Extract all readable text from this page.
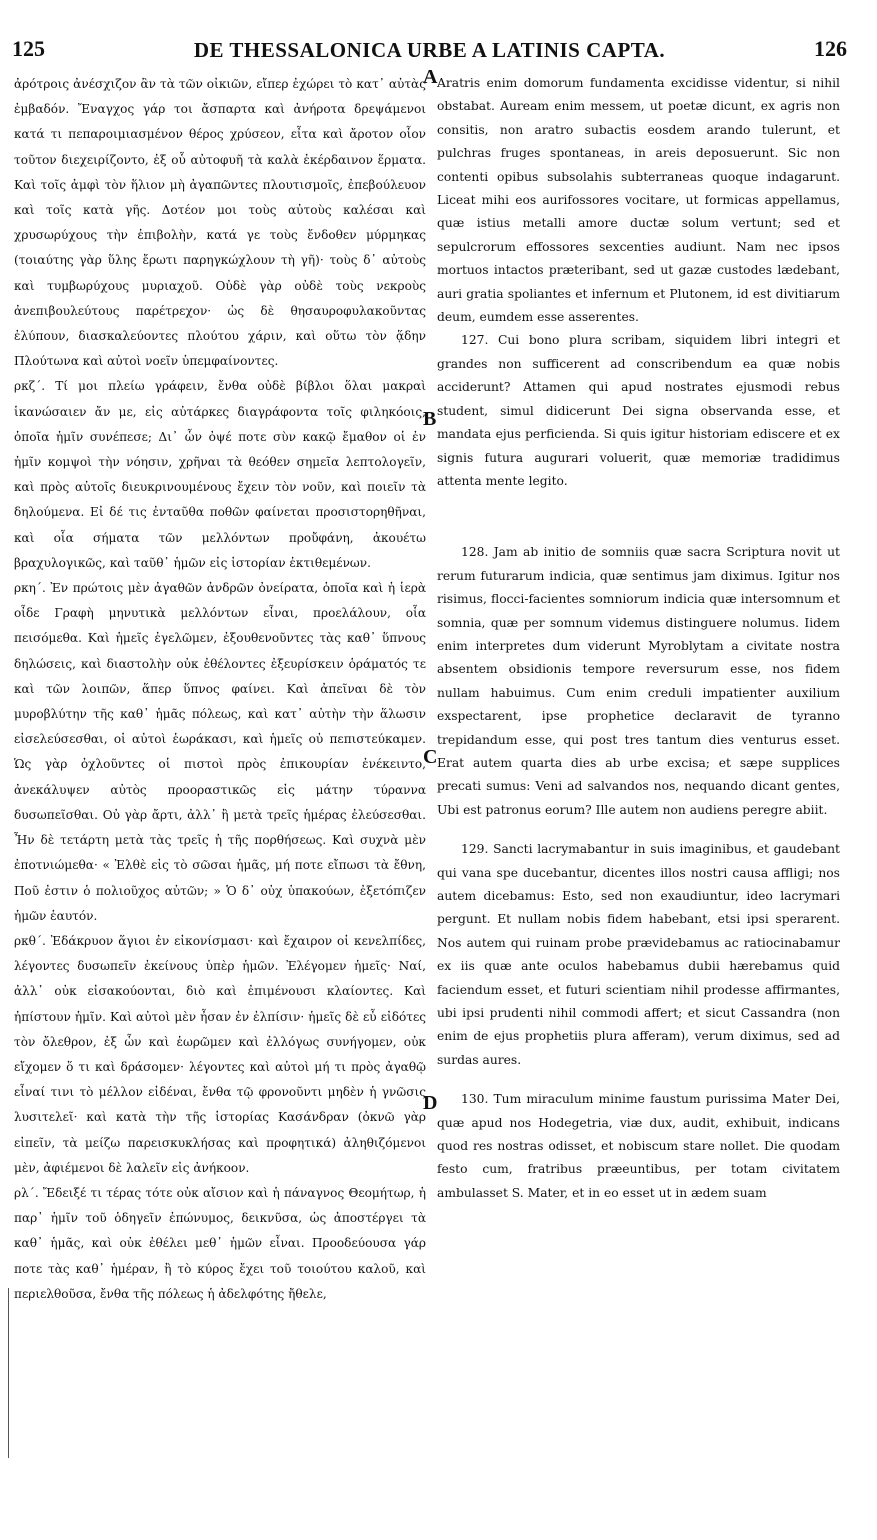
125	DE THESSALONICA URBE A LATINIS CAPTA.	126

ἀρότροις ἀνέσχιζον ἂν τὰ τῶν οἰκιῶν, εἴπερ ἐχώρει τὸ κατ᾽ αὐτὰς ἐμβαδόν. Ἔναγχος γάρ τοι ἄσπαρτα καὶ ἀνήροτα δρεψάμενοι κατά τι πεπαροιμιασμένον θέρος χρύσεον, εἶτα καὶ ἄροτον οἷον τοῦτον διεχειρίζοντο, ἐξ οὗ αὐτοφυῆ τὰ καλὰ ἐκέρδαινον ἕρματα. Καὶ τοῖς ἀμφὶ τὸν ἥλιον μὴ ἀγαπῶντες πλουτισμοῖς, ἐπεβούλευον καὶ τοῖς κατὰ γῆς. Δοτέον μοι τοὺς αὐτοὺς καλέσαι καὶ χρυσωρύχους τὴν ἐπιβολὴν, κατά γε τοὺς ἔνδοθεν μύρμηκας (τοιαύτης γὰρ ὕλης ἔρωτι παρηγκώχλουν τὴ γῆ)· τοὺς δ᾽ αὐτοὺς καὶ τυμβωρύχους μυριαχοῦ. Οὐδὲ γὰρ οὐδὲ τοὺς νεκροὺς ἀνεπιβουλεύτους παρέτρεχον· ὡς δὲ θησαυροφυλακοῦντας ἐλύπουν, διασκαλεύοντες πλούτου χάριν, καὶ οὕτω τὸν ᾅδην Πλούτωνα καὶ αὐτοὶ νοεῖν ὑπεμφαίνοντες.

ρκζ΄. Τί μοι πλείω γράφειν, ἔνθα οὐδὲ βίβλοι ὅλαι μακραὶ ἱκανώσαιεν ἄν με, εἰς αὐτάρκες διαγράφοντα τοῖς φιληκόοις, ὁποῖα ἡμῖν συνέπεσε; Δι᾽ ὧν ὀψέ ποτε σὺν κακῷ ἔμαθον οἱ ἐν ἡμῖν κομψοὶ τὴν νόησιν, χρῆναι τὰ θεόθεν σημεῖα λεπτολογεῖν, καὶ πρὸς αὐτοῖς διευκρινουμένους ἔχειν τὸν νοῦν, καὶ ποιεῖν τὰ δηλούμενα. Εἰ δέ τις ἐνταῦθα ποθῶν φαίνεται προσιστορηθῆναι, καὶ οἷα σήματα τῶν μελλόντων προὔφάνη, ἀκουέτω βραχυλογικῶς, καὶ ταῦθ᾽ ἡμῶν εἰς ἱστορίαν ἐκτιθεμένων.

ρκη΄. Ἐν πρώτοις μὲν ἀγαθῶν ἀνδρῶν ὀνείρατα, ὁποῖα καὶ ἡ ἱερὰ οἶδε Γραφὴ μηνυτικὰ μελλόντων εἶναι, προελάλουν, οἷα πεισόμεθα. Καὶ ἡμεῖς ἐγελῶμεν, ἐξουθενοῦντες τὰς καθ᾽ ὕπνους δηλώσεις, καὶ διαστολὴν οὐκ ἐθέλοντες ἐξευρίσκειν ὁράματός τε καὶ τῶν λοιπῶν, ἅπερ ὕπνος φαίνει. Καὶ ἀπεῖναι δὲ τὸν μυροβλύτην τῆς καθ᾽ ἡμᾶς πόλεως, καὶ κατ᾽ αὐτὴν τὴν ἅλωσιν εἰσελεύσεσθαι, οἱ αὐτοὶ ἑωράκασι, καὶ ἡμεῖς οὐ πεπιστεύκαμεν. Ὡς γὰρ ὀχλοῦντες οἱ πιστοὶ πρὸς ἐπικουρίαν ἐνέκειντο, ἀνεκάλυψεν αὐτὸς προοραστικῶς εἰς μάτην τύραννα δυσωπεῖσθαι. Οὐ γὰρ ἄρτι, ἀλλ᾽ ἢ μετὰ τρεῖς ἡμέρας ἐλεύσεσθαι. Ἦν δὲ τετάρτη μετὰ τὰς τρεῖς ἡ τῆς πορθήσεως. Καὶ συχνὰ μὲν ἐποτνιώμεθα· « Ἐλθὲ εἰς τὸ σῶσαι ἡμᾶς, μή ποτε εἴπωσι τὰ ἔθνη, Ποῦ ἐστιν ὁ πολιοῦχος αὐτῶν; » Ὁ δ᾽ οὐχ ὑπακούων, ἐξετόπιζεν ἡμῶν ἑαυτόν.

ρκθ΄. Ἐδάκρυον ἅγιοι ἐν εἰκονίσμασι· καὶ ἔχαιρον οἱ κενελπίδες, λέγοντες δυσωπεῖν ἐκείνους ὑπὲρ ἡμῶν. Ἐλέγομεν ἡμεῖς· Ναί, ἀλλ᾽ οὐκ εἰσακούονται, διὸ καὶ ἐπιμένουσι κλαίοντες. Καὶ ἠπίστουν ἡμῖν. Καὶ αὐτοὶ μὲν ἦσαν ἐν ἐλπίσιν· ἡμεῖς δὲ εὖ εἰδότες τὸν ὄλεθρον, ἐξ ὧν καὶ ἑωρῶμεν καὶ ἐλλόγως συνήγομεν, οὐκ εἴχομεν ὅ τι καὶ δράσομεν· λέγοντες καὶ αὐτοὶ μή τι πρὸς ἀγαθῷ εἶναί τινι τὸ μέλλον εἰδέναι, ἔνθα τῷ φρονοῦντι μηδὲν ἡ γνῶσις λυσιτελεῖ· καὶ κατὰ τὴν τῆς ἱστορίας Κασάνδραν (ὀκνῶ γὰρ εἰπεῖν, τὰ μείζω παρεισκυκλήσας καὶ προφητικά) ἀληθιζόμενοι μὲν, ἀφιέμενοι δὲ λαλεῖν εἰς ἀνήκοον.

ρλ΄. Ἔδειξέ τι τέρας τότε οὐκ αἴσιον καὶ ἡ πάναγνος Θεομήτωρ, ἡ παρ᾽ ἡμῖν τοῦ ὁδηγεῖν ἐπώνυμος, δεικνῦσα, ὡς ἀποστέργει τὰ καθ᾽ ἡμᾶς, καὶ οὐκ ἐθέλει μεθ᾽ ἡμῶν εἶναι. Προοδεύουσα γάρ ποτε τὰς καθ᾽ ἡμέραν, ἢ τὸ κύρος ἔχει τοῦ τοιούτου καλοῦ, καὶ περιελθοῦσα, ἔνθα τῆς πόλεως ἡ ἀδελφότης ἤθελε,

A
B
C
D

Aratris enim domorum fundamenta excidisse videntur, si nihil obstabat. Auream enim messem, ut poetæ dicunt, ex agris non consitis, non aratro subactis eosdem arando tulerunt, et pulchras fruges spontaneas, in areis deposuerunt. Sic non contenti opibus subsolahis subterraneas quoque indagarunt. Liceat mihi eos aurifossores vocitare, ut formicas appellamus, quæ istius metalli amore ductæ solum vertunt; sed et sepulcrorum effossores sexcenties audiunt. Nam nec ipsos mortuos intactos præteribant, sed ut gazæ custodes lædebant, auri gratia spoliantes et infernum et Plutonem, id est divitiarum deum, eumdem esse asserentes.

127. Cui bono plura scribam, siquidem libri integri et grandes non sufficerent ad conscribendum ea quæ nobis acciderunt? Attamen qui apud nostrates ejusmodi rebus student, simul didicerunt Dei signa observanda esse, et mandata ejus perficienda. Si quis igitur historiam ediscere et ex signis futura augurari voluerit, quæ memoriæ tradidimus attenta mente legito.

128. Jam ab initio de somniis quæ sacra Scriptura novit ut rerum futurarum indicia, quæ sentimus jam diximus. Igitur nos risimus, flocci-facientes somniorum indicia quæ intersomnum et somnia, quæ per somnum videmus distinguere nolumus. Iidem enim interpretes dum viderunt Myroblytam a civitate nostra absentem obsidionis tempore reversurum esse, nos fidem nullam habuimus. Cum enim creduli impatienter auxilium exspectarent, ipse prophetice declaravit de tyranno trepidandum esse, qui post tres tantum dies venturus esset. Erat autem quarta dies ab urbe excisa; et sæpe supplices precati sumus: Veni ad salvandos nos, nequando dicant gentes, Ubi est patronus eorum? Ille autem non audiens peregre abiit.

129. Sancti lacrymabantur in suis imaginibus, et gaudebant qui vana spe ducebantur, dicentes illos nostri causa affligi; nos autem dicebamus: Esto, sed non exaudiuntur, ideo lacrymari pergunt. Et nullam nobis fidem habebant, etsi ipsi sperarent. Nos autem qui ruinam probe prævidebamus ac ratiocinabamur ex iis quæ ante oculos habebamus dubii hærebamus quid faciendum esset, et futuri scientiam nihil prodesse affirmantes, ubi ipsi prudenti nihil commodi affert; et sicut Cassandra (non enim de ejus prophetiis plura afferam), verum diximus, sed ad surdas aures.

130. Tum miraculum minime faustum purissima Mater Dei, quæ apud nos Hodegetria, viæ dux, audit, exhibuit, indicans quod res nostras odisset, et nobiscum stare nollet. Die quodam festo cum, fratribus præeuntibus, per totam civitatem ambulasset S. Mater, et in eo esset ut in ædem suam
